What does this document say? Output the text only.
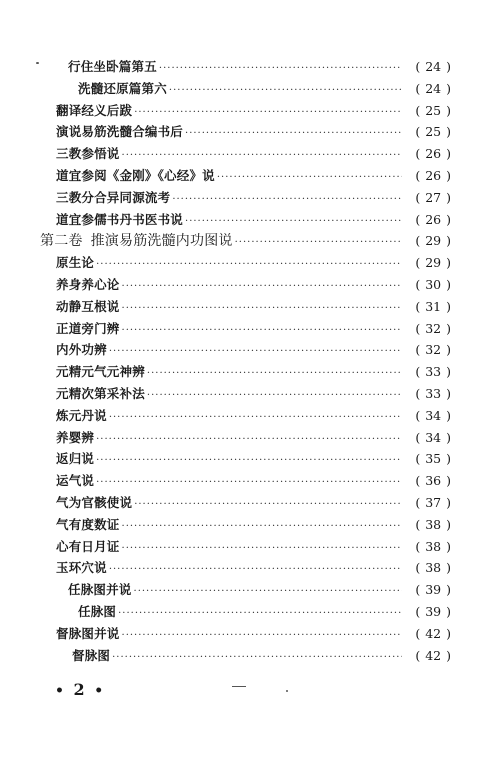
行住坐卧篇第五 ·····	( 24 )
洗髓还原篇第六 ·····	( 24 )
翻译经义后跋 ·····	( 25 )
演说易筋洗髓合编书后 ·····	( 25 )
三教参悟说 ·····	( 26 )
道宜参阅《金刚》《心经》说 ·····	( 26 )
三教分合异同源流考 ·····	( 27 )
道宜参儒书丹书医书说 ·····	( 26 )
第二卷 推演易筋洗髓内功图说 ·····	( 29 )
原生论 ·····	( 29 )
养身养心论 ·····	( 30 )
动静互根说 ·····	( 31 )
正道旁门辨 ·····	( 32 )
内外功辨 ·····	( 32 )
元精元气元神辨 ·····	( 33 )
元精次第采补法 ·····	( 33 )
炼元丹说 ·····	( 34 )
养婴辨 ·····	( 34 )
返归说 ·····	( 35 )
运气说 ·····	( 36 )
气为官骸使说 ·····	( 37 )
气有度数证 ·····	( 38 )
心有日月证 ·····	( 38 )
玉环穴说 ·····	( 38 )
任脉图并说 ·····	( 39 )
任脉图 ·····	( 39 )
督脉图并说 ·····	( 42 )
督脉图 ·····	( 42 )
• 2 •
